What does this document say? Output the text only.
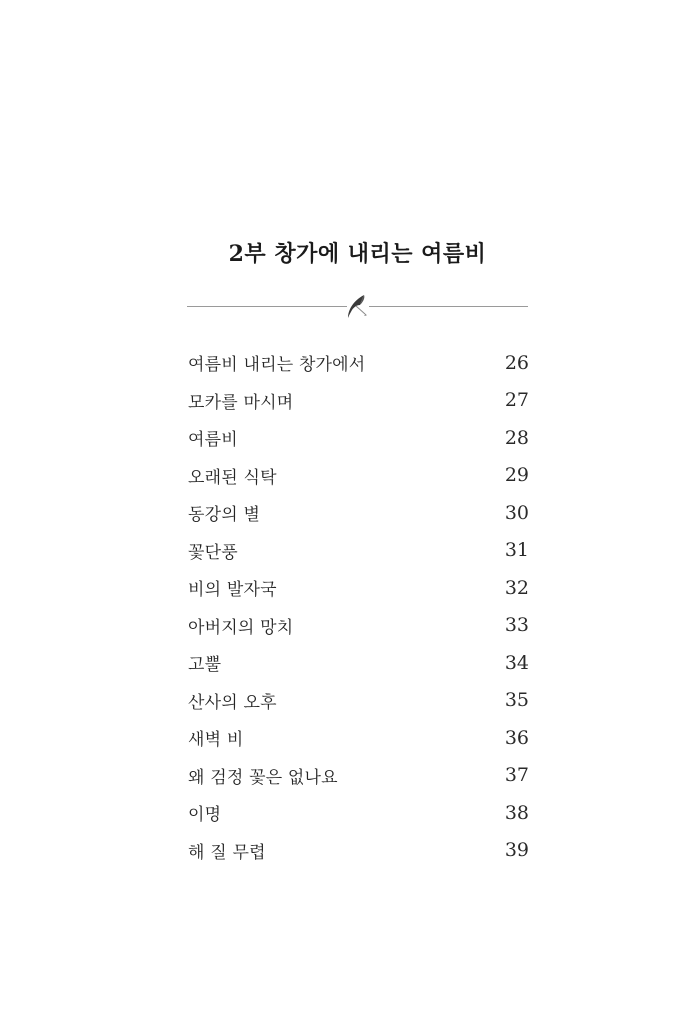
2부 창가에 내리는 여름비
여름비 내리는 창가에서	26
모카를 마시며	27
여름비	28
오래된 식탁	29
동강의 별	30
꽃단풍	31
비의 발자국	32
아버지의 망치	33
고뿔	34
산사의 오후	35
새벽 비	36
왜 검정 꽃은 없나요	37
이명	38
해 질 무렵	39
